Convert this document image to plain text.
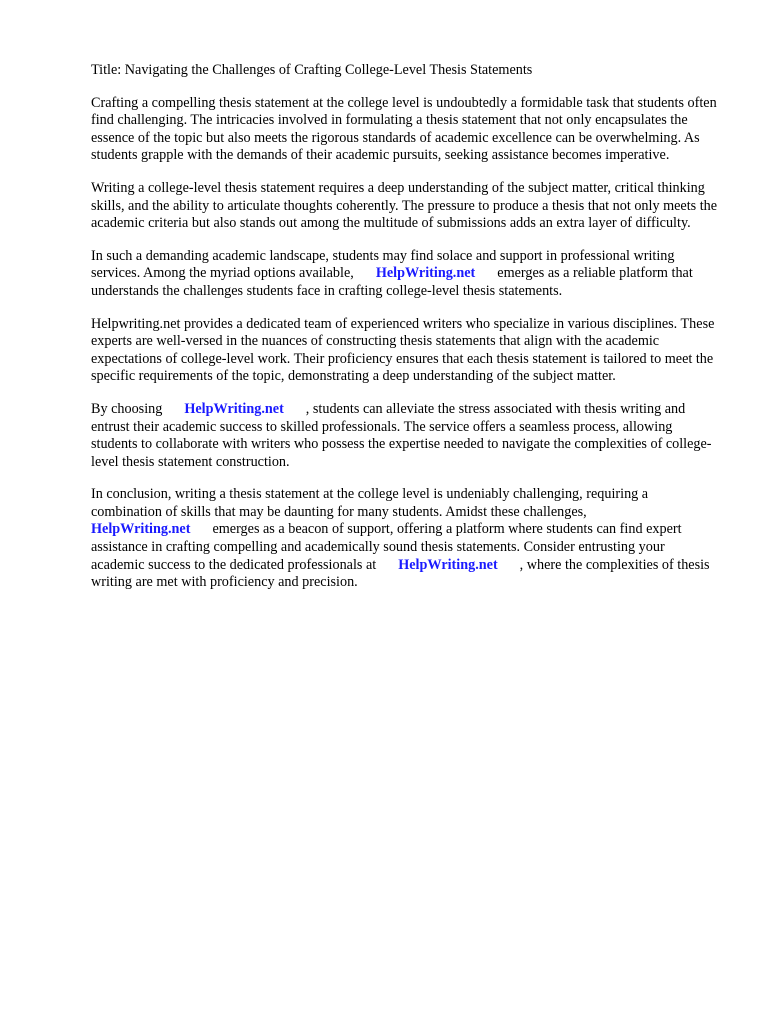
Title: Navigating the Challenges of Crafting College-Level Thesis Statements

Crafting a compelling thesis statement at the college level is undoubtedly a formidable task that students often find challenging. The intricacies involved in formulating a thesis statement that not only encapsulates the essence of the topic but also meets the rigorous standards of academic excellence can be overwhelming. As students grapple with the demands of their academic pursuits, seeking assistance becomes imperative.

Writing a college-level thesis statement requires a deep understanding of the subject matter, critical thinking skills, and the ability to articulate thoughts coherently. The pressure to produce a thesis that not only meets the academic criteria but also stands out among the multitude of submissions adds an extra layer of difficulty.

In such a demanding academic landscape, students may find solace and support in professional writing services. Among the myriad options available, HelpWriting.net emerges as a reliable platform that understands the challenges students face in crafting college-level thesis statements.

Helpwriting.net provides a dedicated team of experienced writers who specialize in various disciplines. These experts are well-versed in the nuances of constructing thesis statements that align with the academic expectations of college-level work. Their proficiency ensures that each thesis statement is tailored to meet the specific requirements of the topic, demonstrating a deep understanding of the subject matter.

By choosing HelpWriting.net , students can alleviate the stress associated with thesis writing and entrust their academic success to skilled professionals. The service offers a seamless process, allowing students to collaborate with writers who possess the expertise needed to navigate the complexities of college-level thesis statement construction.

In conclusion, writing a thesis statement at the college level is undeniably challenging, requiring a combination of skills that may be daunting for many students. Amidst these challenges, HelpWriting.net emerges as a beacon of support, offering a platform where students can find expert assistance in crafting compelling and academically sound thesis statements. Consider entrusting your academic success to the dedicated professionals at HelpWriting.net , where the complexities of thesis writing are met with proficiency and precision.
